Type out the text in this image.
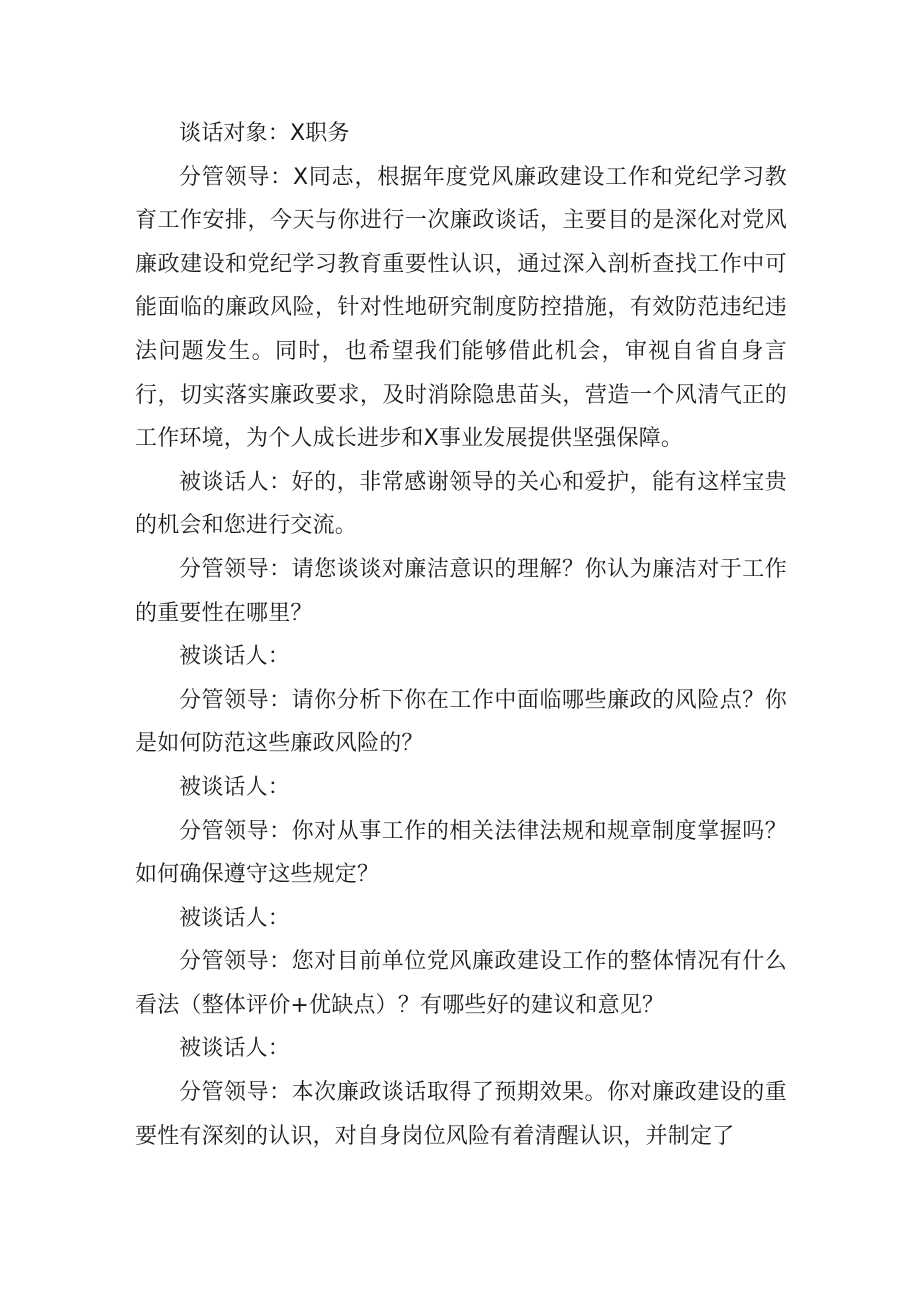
谈话对象：X职务

分管领导：X同志，根据年度党风廉政建设工作和党纪学习教育工作安排，今天与你进行一次廉政谈话，主要目的是深化对党风廉政建设和党纪学习教育重要性认识，通过深入剖析查找工作中可能面临的廉政风险，针对性地研究制度防控措施，有效防范违纪违法问题发生。同时，也希望我们能够借此机会，审视自省自身言行，切实落实廉政要求，及时消除隐患苗头，营造一个风清气正的工作环境，为个人成长进步和X事业发展提供坚强保障。

被谈话人：好的，非常感谢领导的关心和爱护，能有这样宝贵的机会和您进行交流。

分管领导：请您谈谈对廉洁意识的理解？你认为廉洁对于工作的重要性在哪里？

被谈话人：

分管领导：请你分析下你在工作中面临哪些廉政的风险点？你是如何防范这些廉政风险的？

被谈话人：

分管领导：你对从事工作的相关法律法规和规章制度掌握吗？如何确保遵守这些规定？

被谈话人：

分管领导：您对目前单位党风廉政建设工作的整体情况有什么看法（整体评价+优缺点）？有哪些好的建议和意见？

被谈话人：

分管领导：本次廉政谈话取得了预期效果。你对廉政建设的重要性有深刻的认识，对自身岗位风险有着清醒认识，并制定了
